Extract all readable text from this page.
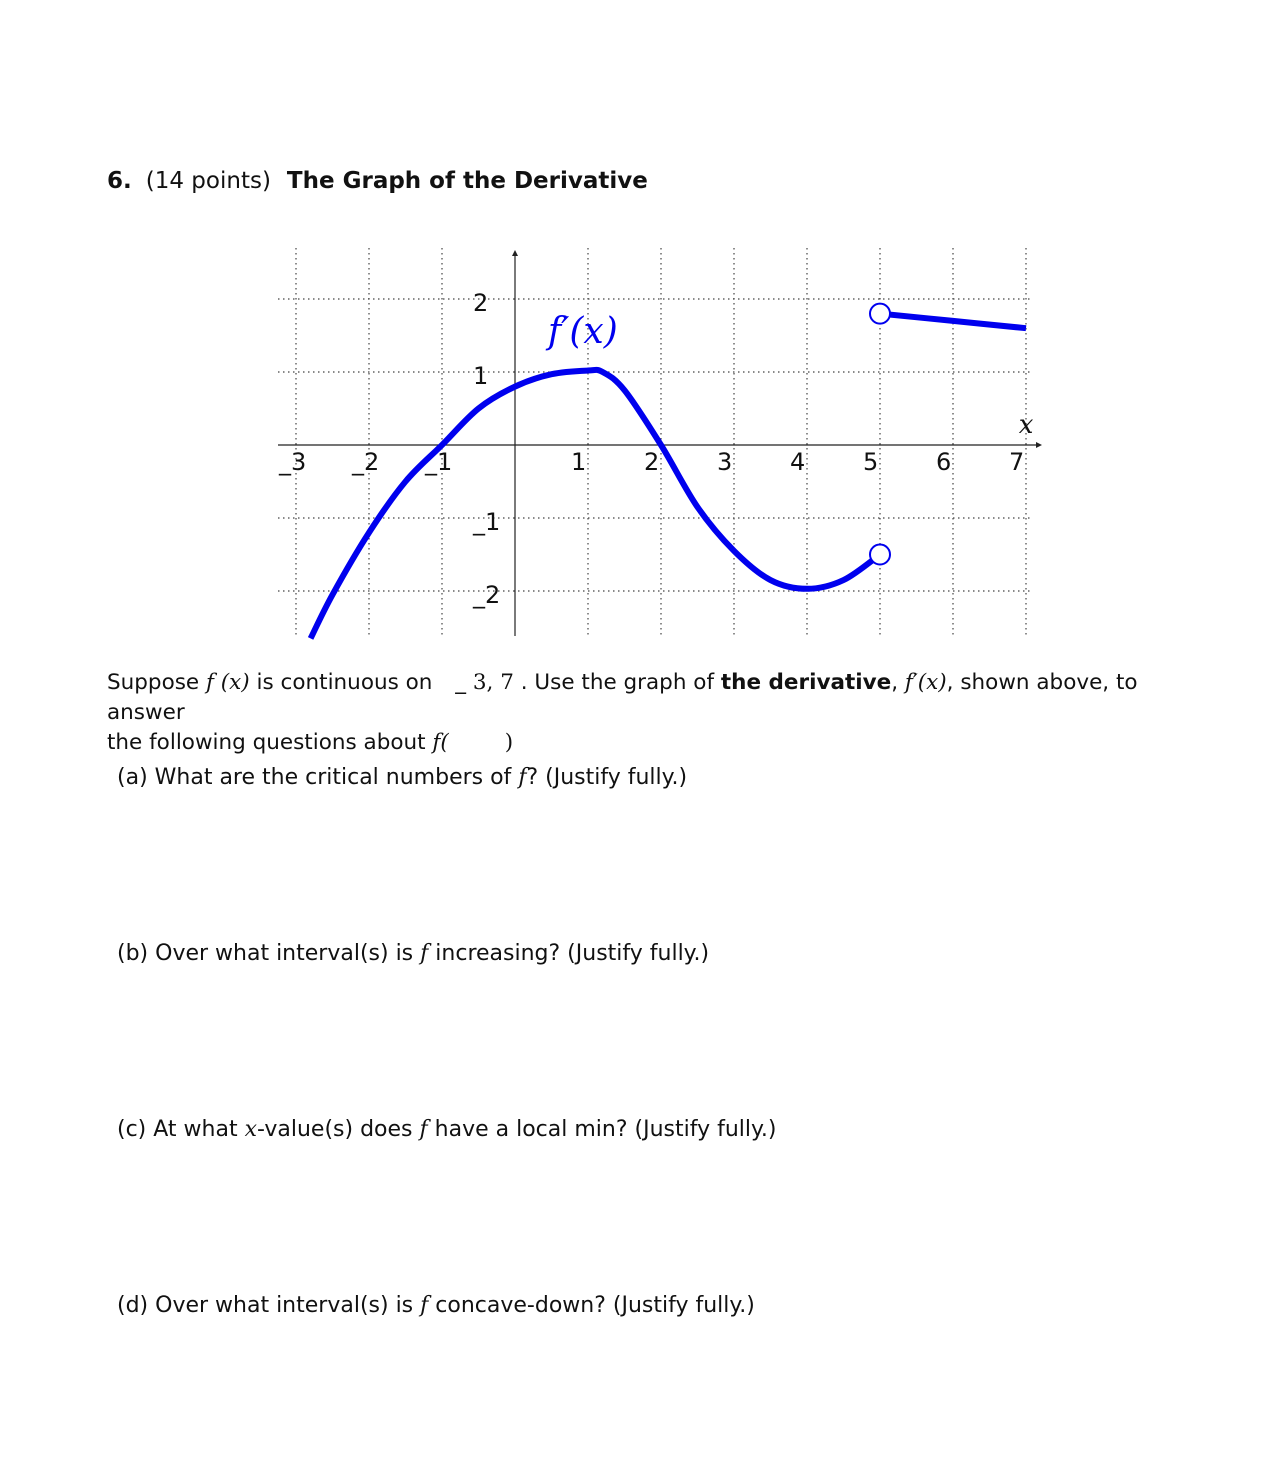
6. (14 points) The Graph of the Derivative
_3 _2 _1	1 2 3 4 5 6 7
2
1
_1
_2
f′(x)
x
Suppose f (x) is continuous on _ 3, 7 . Use the graph of the derivative, f′(x), shown above, to answer
the following questions about f(	)
(a) What are the critical numbers of f? (Justify fully.)
(b) Over what interval(s) is f increasing? (Justify fully.)
(c) At what x-value(s) does f have a local min? (Justify fully.)
(d) Over what interval(s) is f concave-down? (Justify fully.)
